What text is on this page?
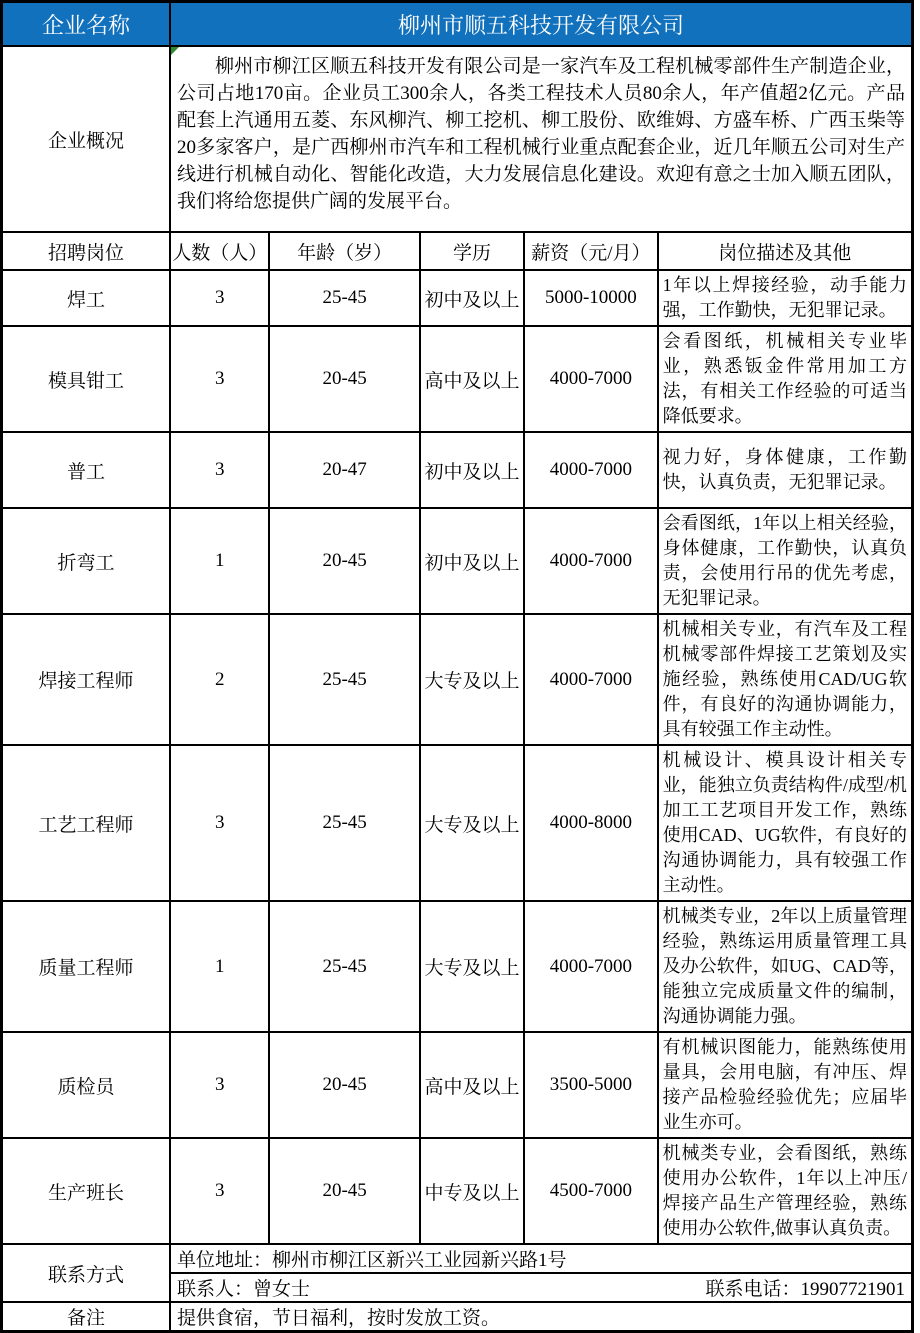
企业名称	柳州市顺五科技开发有限公司				
企业概况	柳州市柳江区顺五科技开发有限公司是一家汽车及工程机械零部件生产制造企业，公司占地170亩。企业员工300余人，各类工程技术人员80余人，年产值超2亿元。产品配套上汽通用五菱、东风柳汽、柳工挖机、柳工股份、欧维姆、方盛车桥、广西玉柴等20多家客户，是广西柳州市汽车和工程机械行业重点配套企业，近几年顺五公司对生产线进行机械自动化、智能化改造，大力发展信息化建设。欢迎有意之士加入顺五团队，我们将给您提供广阔的发展平台。				

招聘岗位	人数（人）	年龄（岁）	学历	薪资（元/月）	岗位描述及其他
焊工	3	25-45	初中及以上	5000-10000	1年以上焊接经验，动手能力强，工作勤快，无犯罪记录。
模具钳工	3	20-45	高中及以上	4000-7000	会看图纸，机械相关专业毕业，熟悉钣金件常用加工方法，有相关工作经验的可适当降低要求。
普工	3	20-47	初中及以上	4000-7000	视力好，身体健康，工作勤快，认真负责，无犯罪记录。
折弯工	1	20-45	初中及以上	4000-7000	会看图纸，1年以上相关经验，身体健康，工作勤快，认真负责，会使用行吊的优先考虑，无犯罪记录。
焊接工程师	2	25-45	大专及以上	4000-7000	机械相关专业，有汽车及工程机械零部件焊接工艺策划及实施经验，熟练使用CAD/UG软件，有良好的沟通协调能力，具有较强工作主动性。
工艺工程师	3	25-45	大专及以上	4000-8000	机械设计、模具设计相关专业，能独立负责结构件/成型/机加工工艺项目开发工作，熟练使用CAD、UG软件，有良好的沟通协调能力，具有较强工作主动性。
质量工程师	1	25-45	大专及以上	4000-7000	机械类专业，2年以上质量管理经验，熟练运用质量管理工具及办公软件，如UG、CAD等，能独立完成质量文件的编制，沟通协调能力强。
质检员	3	20-45	高中及以上	3500-5000	有机械识图能力，能熟练使用量具，会用电脑，有冲压、焊接产品检验经验优先；应届毕业生亦可。
生产班长	3	20-45	中专及以上	4500-7000	机械类专业，会看图纸，熟练使用办公软件，1年以上冲压/焊接产品生产管理经验，熟练使用办公软件,做事认真负责。
联系方式	单位地址：柳州市柳江区新兴工业园新兴路1号				

	联系人：曾女士 联系电话：19907721901				

备注	提供食宿，节日福利，按时发放工资。				
